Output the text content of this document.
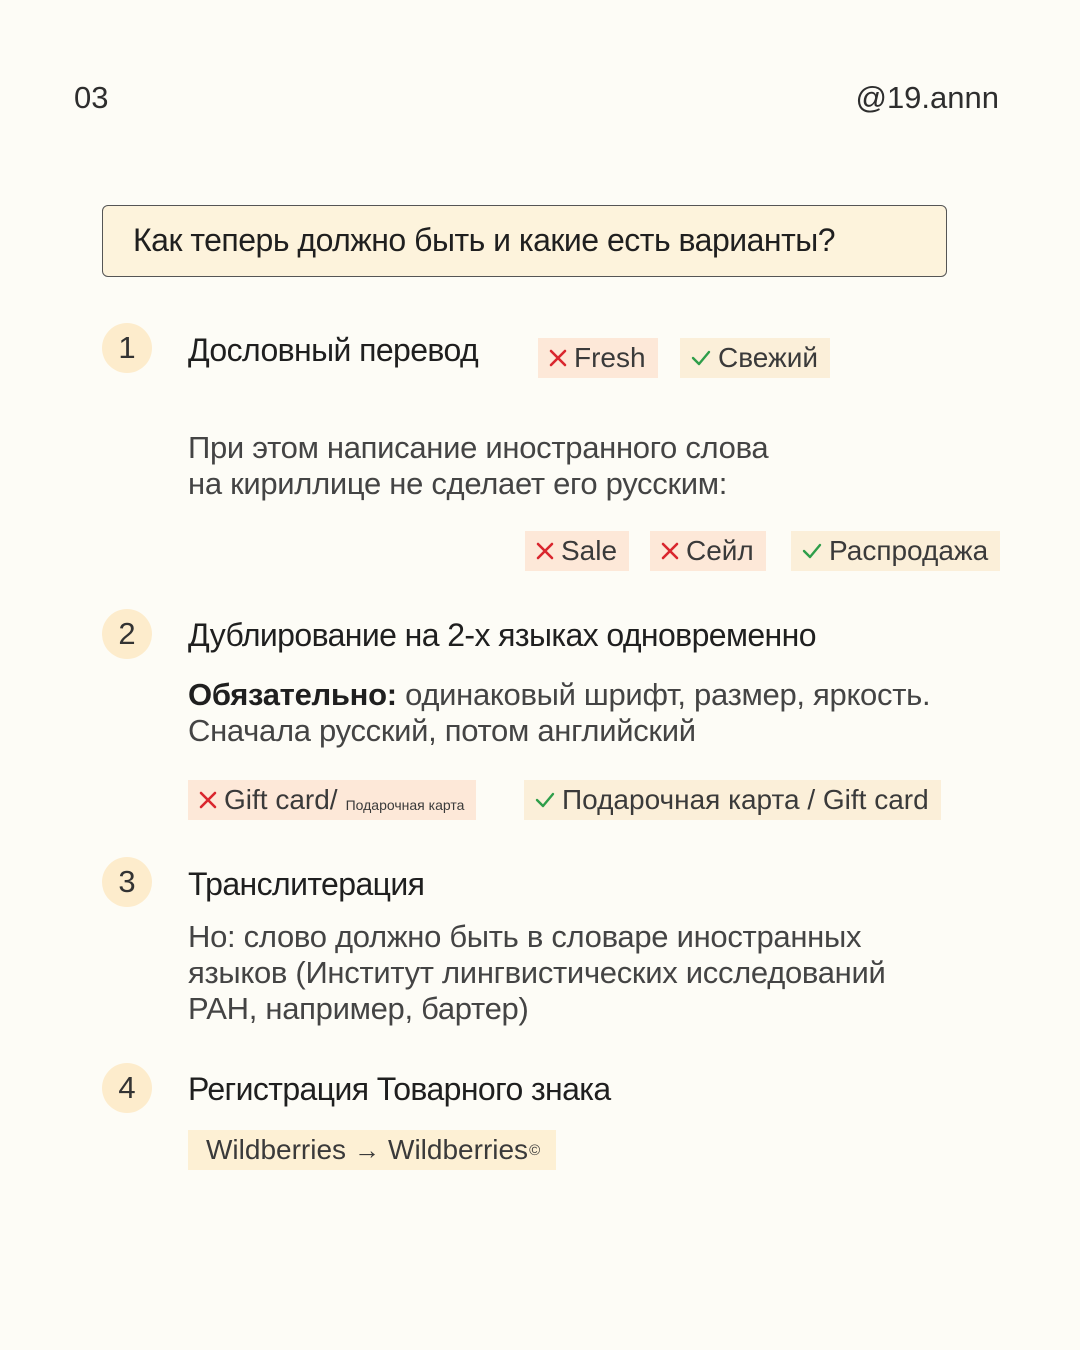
03	@19.annn
Как теперь должно быть и какие есть варианты?
1	Дословный перевод	Fresh	Свежий
При этом написание иностранного слова
на кириллице не сделает его русским:
Sale Сейл	Распродажа
2	Дублирование на 2-х языках одновременно
Обязательно: одинаковый шрифт, размер, яркость.
Сначала русский, потом английский
Gift card/ Подарочная карта	Подарочная карта / Gift card
3	Транслитерация
Но: слово должно быть в словаре иностранных
языков (Институт лингвистических исследований
РАН, например, бартер)
4	Регистрация Товарного знака
Wildberries → Wildberries ©
